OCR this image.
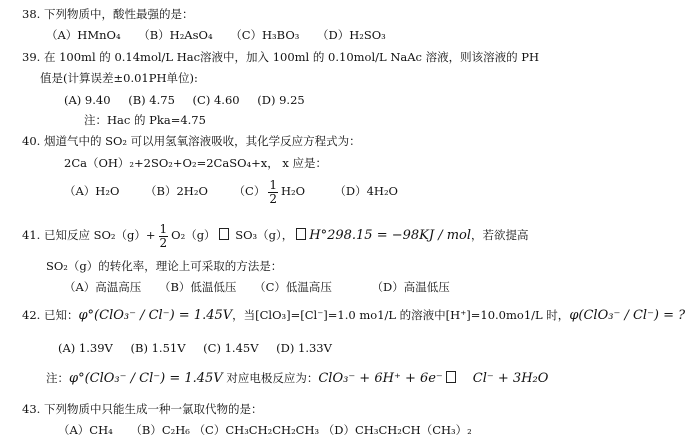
38. 下列物质中，酸性最强的是：
（A）HMnO₄ （B）H₂AsO₄ （C）H₃BO₃ （D）H₂SO₃
39. 在 100ml 的 0.14mol/L Hac溶液中，加入 100ml 的 0.10mol/L NaAc 溶液，则该溶液的 PH
值是(计算误差±0.01PH单位):
(A) 9.40 (B) 4.75 (C) 4.60 (D) 9.25
注：Hac 的 Pka=4.75
40. 烟道气中的 SO₂ 可以用氢氧溶液吸收，其化学反应方程式为：
2Ca（OH）₂+2SO₂+O₂=2CaSO₄+x， x 应是：
（A）H₂O （B）2H₂O $(C) \frac{1}{2} H_2O$	（D）4H₂O
41. 已知反应 $SO_2(g)+ \frac{1}{2} O_2(g)$ SO₃（g）， H°298.15 = −98KJ / mol，若欲提高
SO₂（g）的转化率，理论上可采取的方法是：
（A）高温高压 （B）低温低压 （C）低温高压	（D）高温低压
42. 已知：φ°(ClO₃⁻ / Cl⁻) = 1.45V，当[ClO₃]=[Cl⁻]=1.0 mo1/L 的溶液中[H⁺]=10.0mo1/L 时，φ(ClO₃⁻ / Cl⁻) = ?
(A) 1.39V (B) 1.51V (C) 1.45V (D) 1.33V
注：φ°(ClO₃⁻ / Cl⁻) = 1.45V 对应电极反应为：ClO₃⁻ + 6H⁺ + 6e⁻ Cl⁻ + 3H₂O
43. 下列物质中只能生成一种一氯取代物的是：
（A）CH₄ （B）C₂H₆ （C）CH₃CH₂CH₂CH₃ （D）CH₃CH₂CH（CH₃）₂
